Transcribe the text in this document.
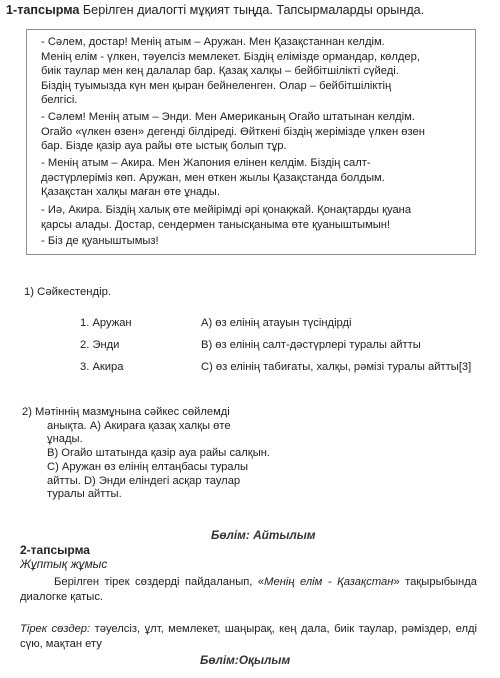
1-тапсырма Берілген диалогті мұқият тыңда. Тапсырмаларды орында.
- Сәлем, достар! Менің атым – Аружан. Мен Қазақстаннан келдім.
Менің елім - үлкен, тәуелсіз мемлекет. Біздің елімізде ормандар, көлдер,
биік таулар мен кең далалар бар. Қазақ халқы – бейбітшілікті сүйеді.
Біздің туымызда күн мен қыран бейнеленген. Олар – бейбітшіліктің
белгісі.
- Сәлем! Менің атым – Энди. Мен Американың Огайо штатынан келдім.
Огайо «үлкен өзен» дегенді білдіреді. Өйткені біздің жерімізде үлкен өзен
бар. Бізде қазір ауа райы өте ыстық болып тұр.
- Менің атым – Акира. Мен Жапония елінен келдім. Біздің салт-
дәстүрлеріміз көп. Аружан, мен өткен жылы Қазақстанда болдым.
Қазақстан халқы маған өте ұнады.
- Иә, Акира. Біздің халық өте мейірімді әрі қонақжай. Қонақтарды қуана
қарсы алады. Достар, сендермен танысқаныма өте қуаныштымын!
- Біз де қуаныштымыз!
1) Сәйкестендір.
1. Аружан	А) өз елінің атауын түсіндірді
2. Энди	В) өз елінің салт-дәстүрлері туралы айтты
3. Акира	С) өз елінің табиғаты, халқы, рәмізі туралы айтты[3]
2) Мәтіннің мазмұнына сәйкес сөйлемді
анықта. А) Акираға қазақ халқы өте
ұнады.
В) Огайо штатында қазір ауа райы салқын.
С) Аружан өз елінің елтаңбасы туралы
айтты. D) Энди еліндегі асқар таулар
туралы айтты.
Бөлім: Айтылым
2-тапсырма
Жұптық жұмыс
Берілген тірек сөздерді пайдаланып, «Менің елім - Қазақстан» тақырыбында диалогке қатыс.
Тірек сөздер: тәуелсіз, ұлт, мемлекет, шаңырақ, кең дала, биік таулар, рәміздер, елді сүю, мақтан ету
Бөлім:Оқылым
